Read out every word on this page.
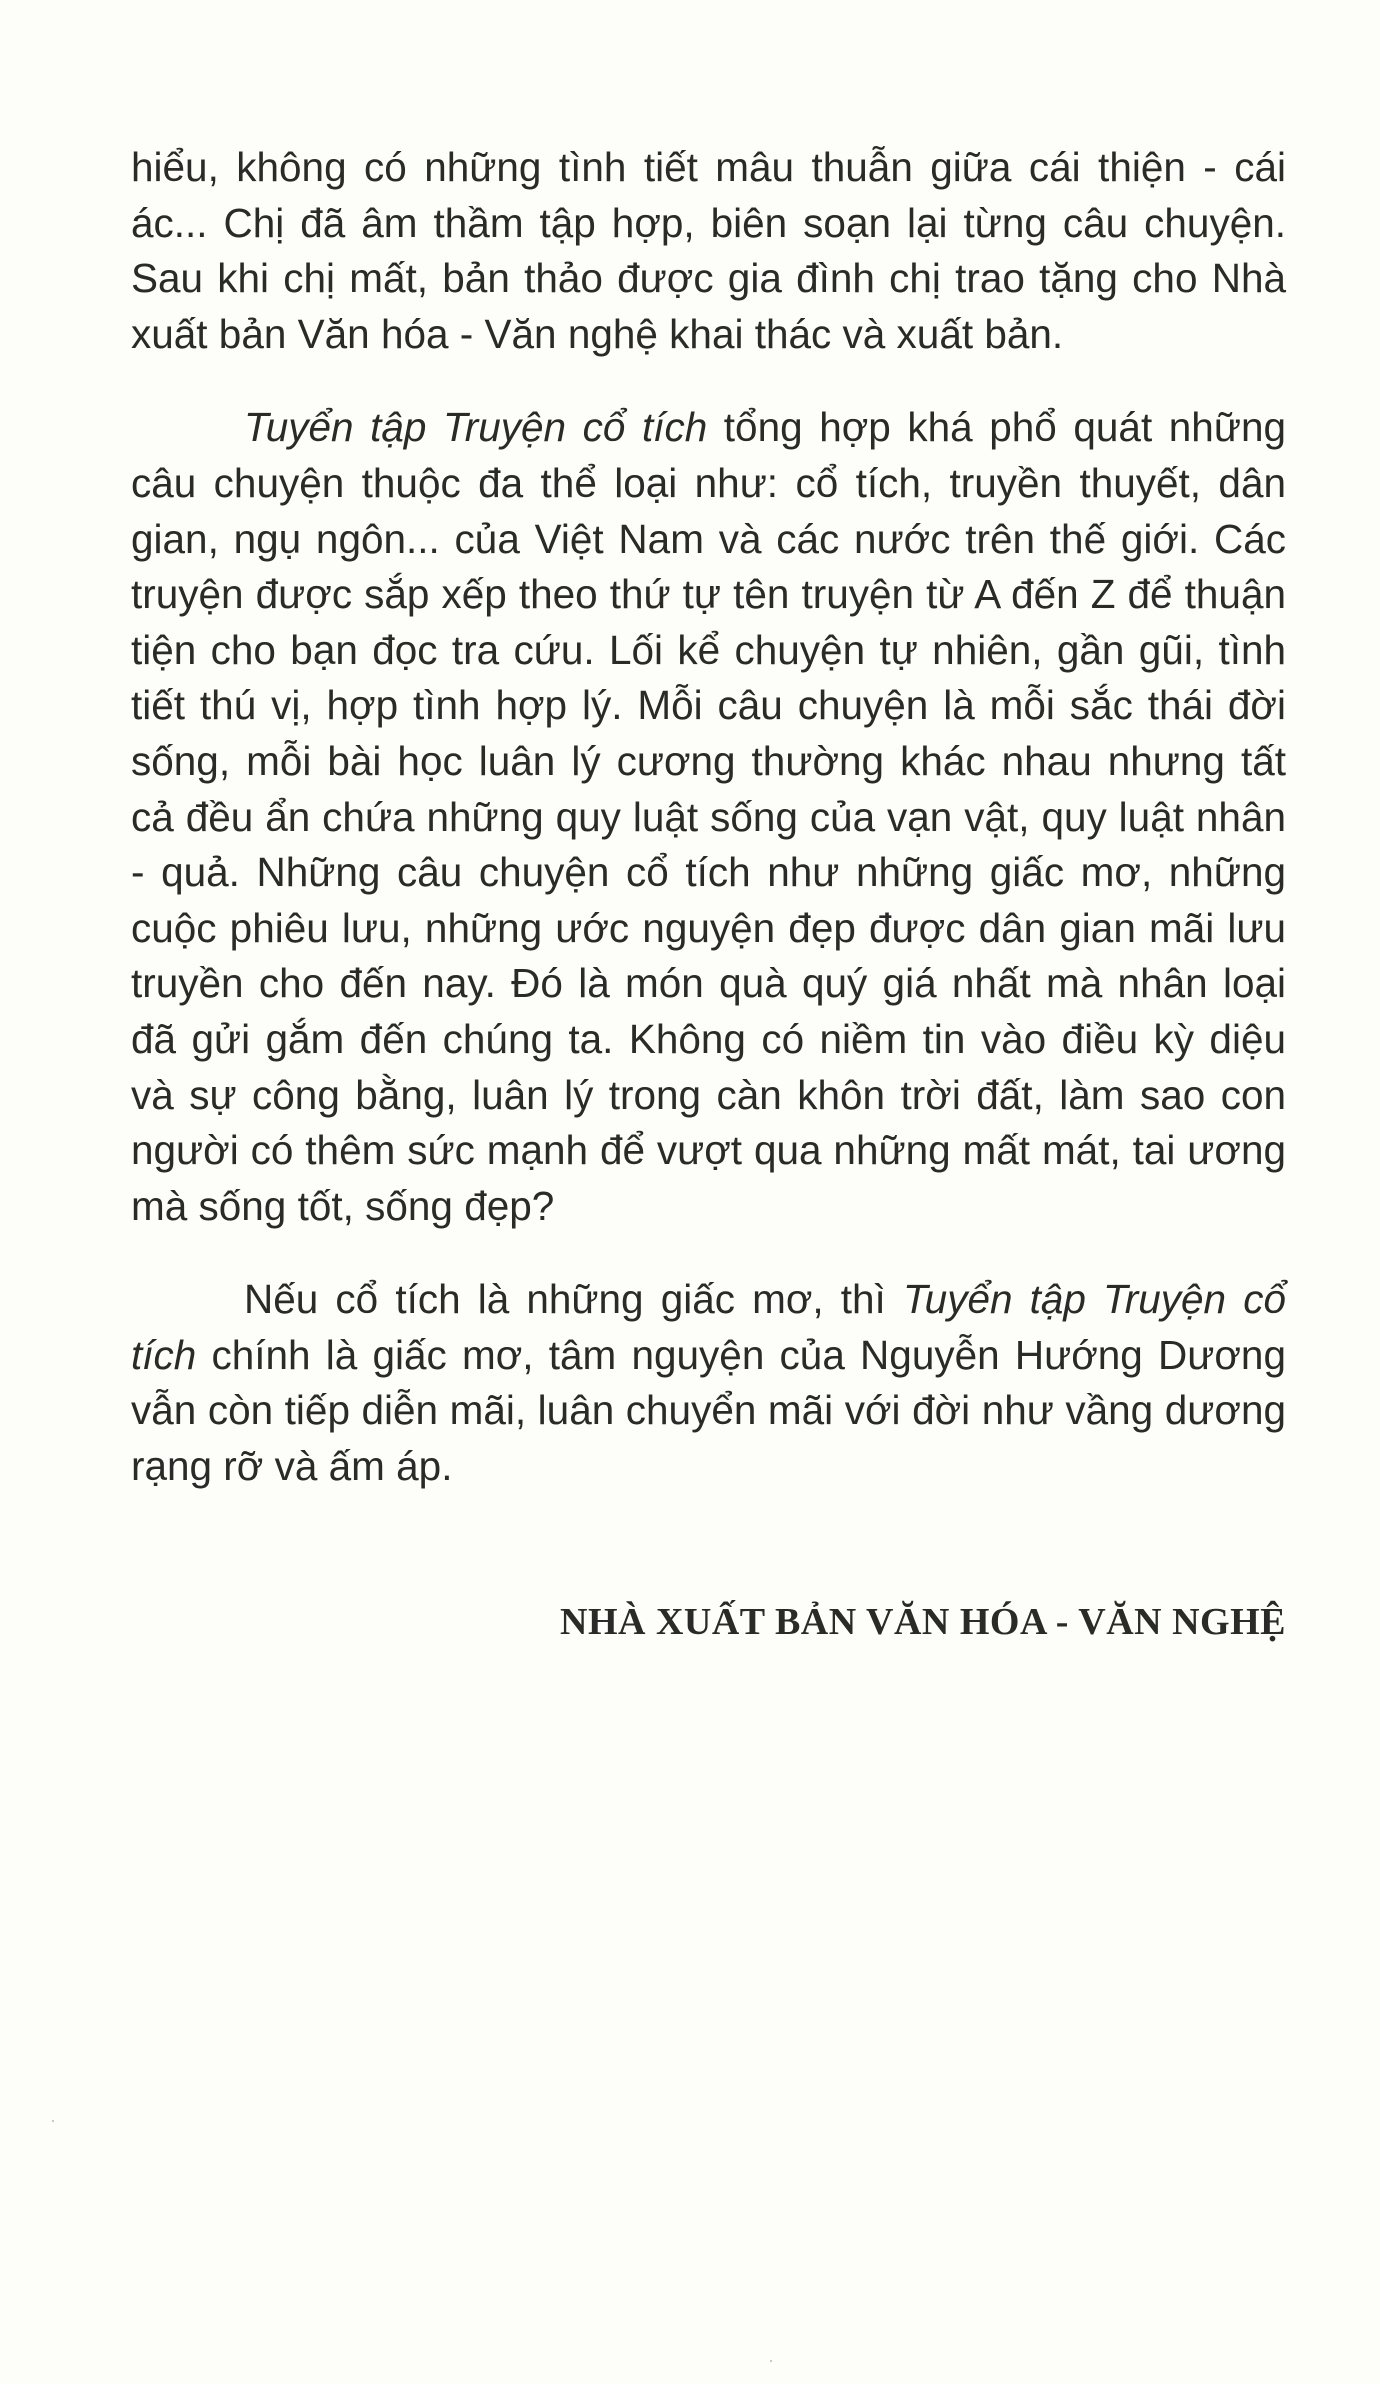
hiểu, không có những tình tiết mâu thuẫn giữa cái thiện - cái ác... Chị đã âm thầm tập hợp, biên soạn lại từng câu chuyện. Sau khi chị mất, bản thảo được gia đình chị trao tặng cho Nhà xuất bản Văn hóa - Văn nghệ khai thác và xuất bản.

Tuyển tập Truyện cổ tích tổng hợp khá phổ quát những câu chuyện thuộc đa thể loại như: cổ tích, truyền thuyết, dân gian, ngụ ngôn... của Việt Nam và các nước trên thế giới. Các truyện được sắp xếp theo thứ tự tên truyện từ A đến Z để thuận tiện cho bạn đọc tra cứu. Lối kể chuyện tự nhiên, gần gũi, tình tiết thú vị, hợp tình hợp lý. Mỗi câu chuyện là mỗi sắc thái đời sống, mỗi bài học luân lý cương thường khác nhau nhưng tất cả đều ẩn chứa những quy luật sống của vạn vật, quy luật nhân - quả. Những câu chuyện cổ tích như những giấc mơ, những cuộc phiêu lưu, những ước nguyện đẹp được dân gian mãi lưu truyền cho đến nay. Đó là món quà quý giá nhất mà nhân loại đã gửi gắm đến chúng ta. Không có niềm tin vào điều kỳ diệu và sự công bằng, luân lý trong càn khôn trời đất, làm sao con người có thêm sức mạnh để vượt qua những mất mát, tai ương mà sống tốt, sống đẹp?

Nếu cổ tích là những giấc mơ, thì Tuyển tập Truyện cổ tích chính là giấc mơ, tâm nguyện của Nguyễn Hướng Dương vẫn còn tiếp diễn mãi, luân chuyển mãi với đời như vầng dương rạng rỡ và ấm áp.

NHÀ XUẤT BẢN VĂN HÓA - VĂN NGHỆ
